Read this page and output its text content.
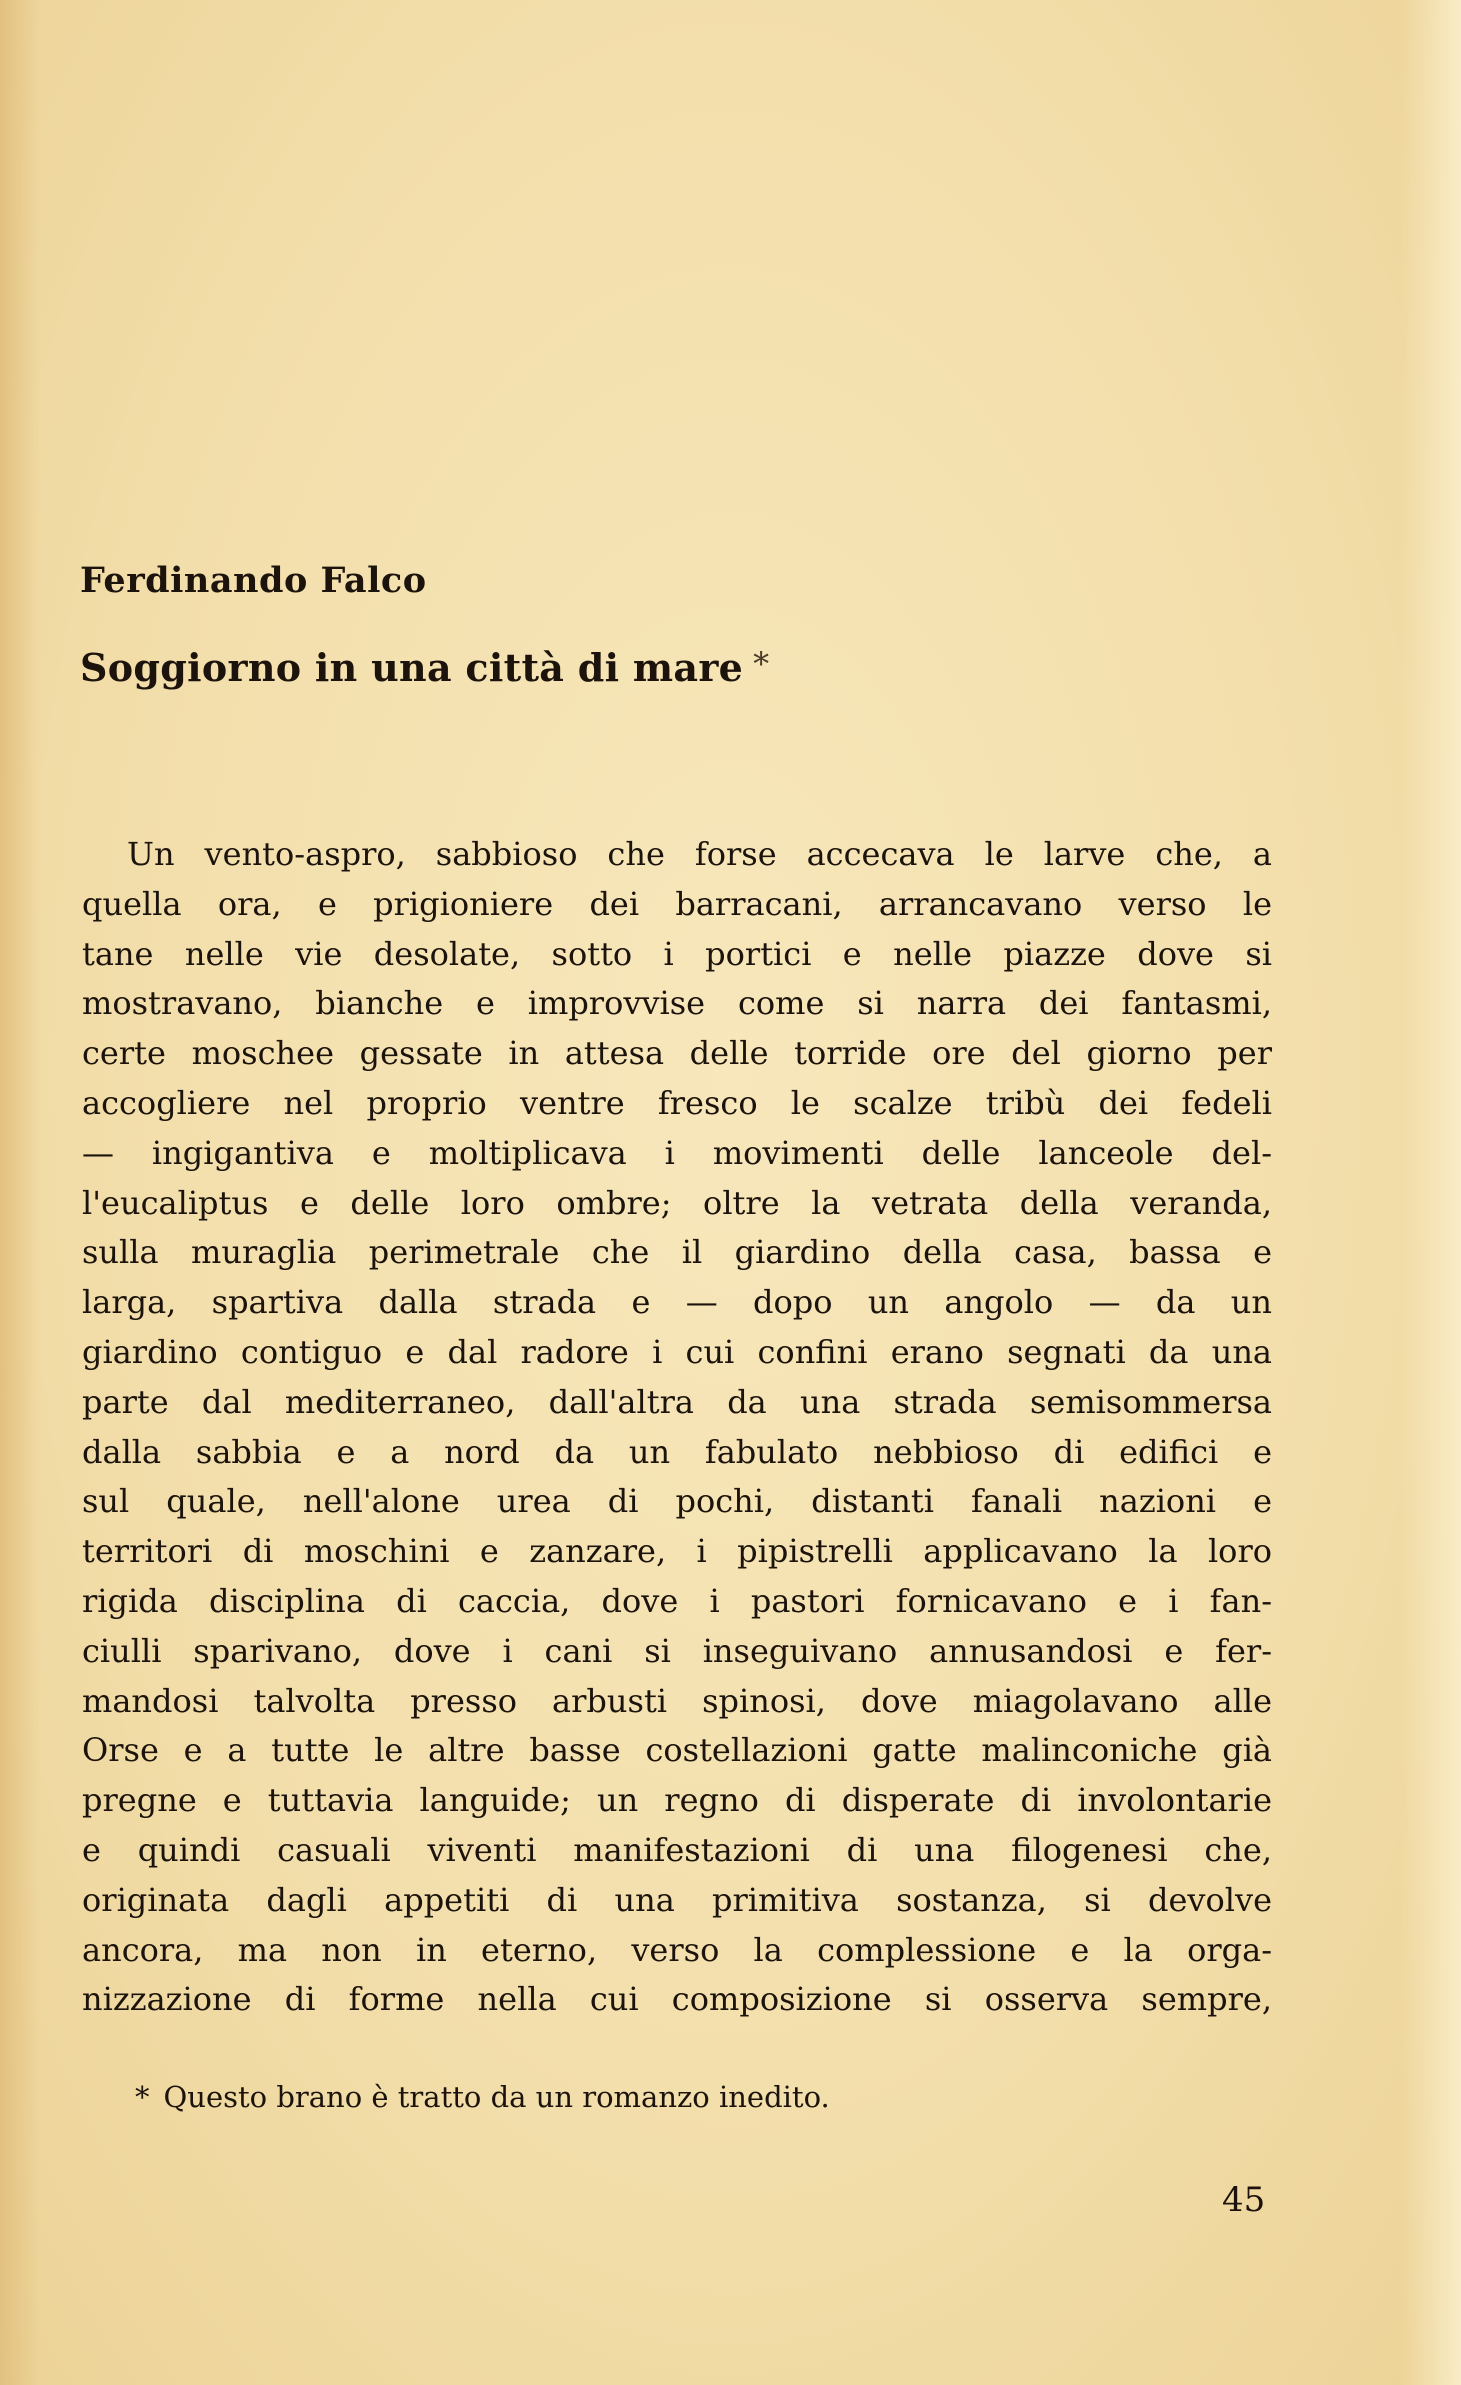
Ferdinando Falco
Soggiorno in una città di mare *
Un vento-aspro, sabbioso che forse accecava le larve che, a
quella ora, e prigioniere dei barracani, arrancavano verso le
tane nelle vie desolate, sotto i portici e nelle piazze dove si
mostravano, bianche e improvvise come si narra dei fantasmi,
certe moschee gessate in attesa delle torride ore del giorno per
accogliere nel proprio ventre fresco le scalze tribù dei fedeli
— ingigantiva e moltiplicava i movimenti delle lanceole del-
l'eucaliptus e delle loro ombre; oltre la vetrata della veranda,
sulla muraglia perimetrale che il giardino della casa, bassa e
larga, spartiva dalla strada e — dopo un angolo — da un
giardino contiguo e dal radore i cui confini erano segnati da una
parte dal mediterraneo, dall'altra da una strada semisommersa
dalla sabbia e a nord da un fabulato nebbioso di edifici e
sul quale, nell'alone urea di pochi, distanti fanali nazioni e
territori di moschini e zanzare, i pipistrelli applicavano la loro
rigida disciplina di caccia, dove i pastori fornicavano e i fan-
ciulli sparivano, dove i cani si inseguivano annusandosi e fer-
mandosi talvolta presso arbusti spinosi, dove miagolavano alle
Orse e a tutte le altre basse costellazioni gatte malinconiche già
pregne e tuttavia languide; un regno di disperate di involontarie
e quindi casuali viventi manifestazioni di una filogenesi che,
originata dagli appetiti di una primitiva sostanza, si devolve
ancora, ma non in eterno, verso la complessione e la orga-
nizzazione di forme nella cui composizione si osserva sempre,
* Questo brano è tratto da un romanzo inedito.
45
